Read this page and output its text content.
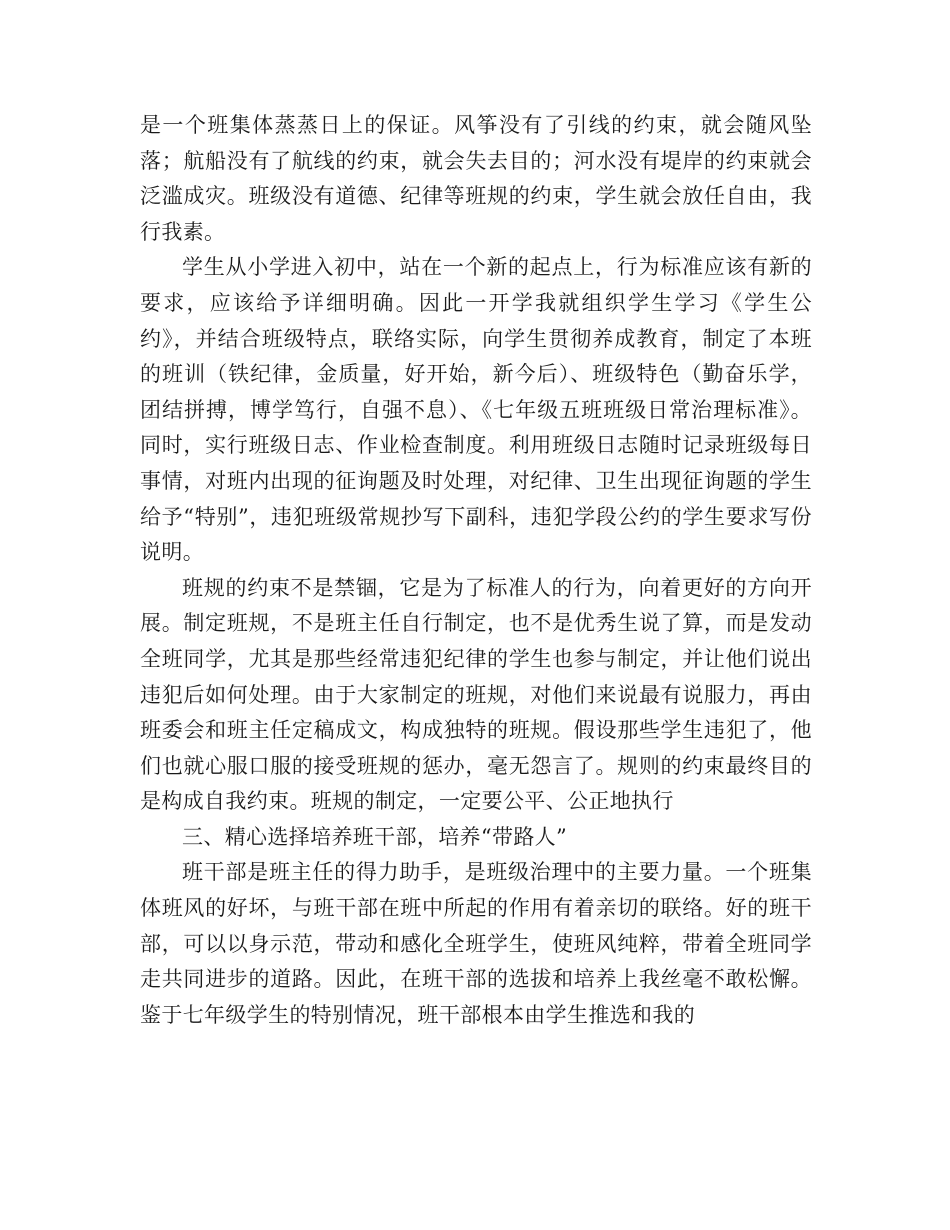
是一个班集体蒸蒸日上的保证。风筝没有了引线的约束，就会随风坠落；航船没有了航线的约束，就会失去目的；河水没有堤岸的约束就会泛滥成灾。班级没有道德、纪律等班规的约束，学生就会放任自由，我行我素。

学生从小学进入初中，站在一个新的起点上，行为标准应该有新的要求，应该给予详细明确。因此一开学我就组织学生学习《学生公约》，并结合班级特点，联络实际，向学生贯彻养成教育，制定了本班的班训（铁纪律，金质量，好开始，新今后）、班级特色（勤奋乐学，团结拼搏，博学笃行，自强不息）、《七年级五班班级日常治理标准》。同时，实行班级日志、作业检查制度。利用班级日志随时记录班级每日事情，对班内出现的征询题及时处理，对纪律、卫生出现征询题的学生给予“特别”，违犯班级常规抄写下副科，违犯学段公约的学生要求写份说明。

班规的约束不是禁锢，它是为了标准人的行为，向着更好的方向开展。制定班规，不是班主任自行制定，也不是优秀生说了算，而是发动全班同学，尤其是那些经常违犯纪律的学生也参与制定，并让他们说出违犯后如何处理。由于大家制定的班规，对他们来说最有说服力，再由班委会和班主任定稿成文，构成独特的班规。假设那些学生违犯了，他们也就心服口服的接受班规的惩办，毫无怨言了。规则的约束最终目的是构成自我约束。班规的制定，一定要公平、公正地执行

三、精心选择培养班干部，培养“带路人”

班干部是班主任的得力助手，是班级治理中的主要力量。一个班集体班风的好坏，与班干部在班中所起的作用有着亲切的联络。好的班干部，可以以身示范，带动和感化全班学生，使班风纯粹，带着全班同学走共同进步的道路。因此，在班干部的选拔和培养上我丝毫不敢松懈。鉴于七年级学生的特别情况，班干部根本由学生推选和我的
